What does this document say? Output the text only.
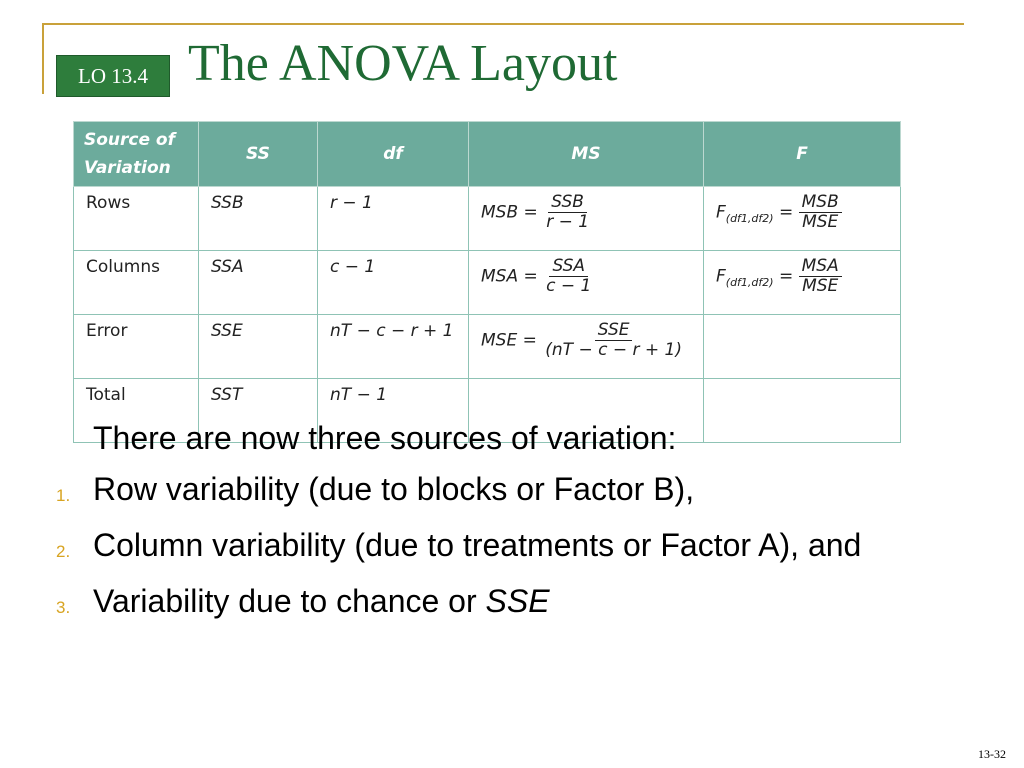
LO 13.4 The ANOVA Layout
Source of Variation	SS	df	MS	F
Rows	SSB	r − 1	MSB = $\frac{\text{SSB}}{r - 1}$	$F_{(df1,df2)} = \frac{\text{MSB}}{\text{MSE}}$

Columns	SSA	c − 1	MSA = $\frac{\text{SSA}}{c - 1}$	$F_{(df1,df2)} = \frac{\text{MSA}}{\text{MSE}}$

Error	SSE	nT − c − r + 1	MSE = $\frac{\text{SSE}}{(nT - c - r + 1)}$

Total	SST	nT − 1		
There are now three sources of variation:
1. Row variability (due to blocks or Factor B),
2. Column variability (due to treatments or Factor A), and
3. Variability due to chance or SSE
13-32
